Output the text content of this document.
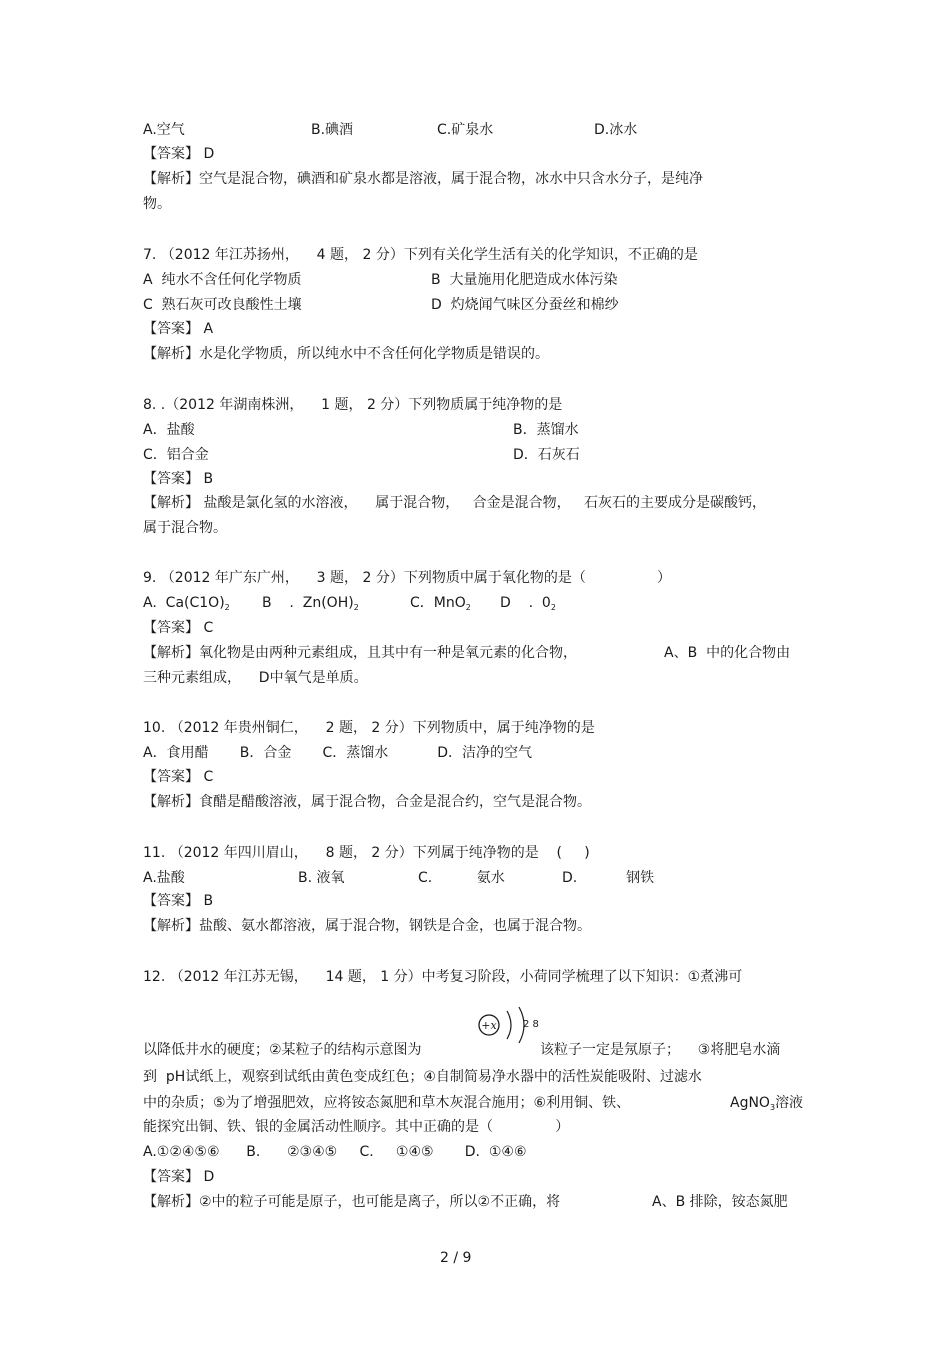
A.空气	B.碘酒	C.矿泉水	D.冰水
【答案】 D
【解析】空气是混合物，碘酒和矿泉水都是溶液，属于混合物，冰水中只含水分子，是纯净
物。
7. （2012 年江苏扬州，    4 题， 2 分）下列有关化学生活有关的化学知识，不正确的是
A  纯水不含任何化学物质	B  大量施用化肥造成水体污染
C  熟石灰可改良酸性土壤	D  灼烧闻气味区分蚕丝和棉纱
【答案】 A
【解析】水是化学物质，所以纯水中不含任何化学物质是错误的。
8. .（2012 年湖南株洲，    1 题， 2 分）下列物质属于纯净物的是
A．盐酸	B．蒸馏水
C．铝合金	D．石灰石
【答案】 B
【解析】 盐酸是氯化氢的水溶液，    属于混合物，   合金是混合物，   石灰石的主要成分是碳酸钙，
属于混合物。
9. （2012 年广东广州，    3 题， 2 分）下列物质中属于氧化物的是（                ）
A.  $Ca(C1O)_2$ B    .  $Zn(OH)_2$	C．MnO$_2$ D    .  $0_2$
【答案】 C
【解析】氧化物是由两种元素组成，且其中有一种是氧元素的化合物，	A、B  中的化合物由
三种元素组成，    D中氧气是单质。
10. （2012 年贵州铜仁，    2 题， 2 分）下列物质中，属于纯净物的是
A．食用醋       B．合金       C．蒸馏水           D．洁净的空气
【答案】 C
【解析】食醋是醋酸溶液，属于混合物，合金是混合约，空气是混合物。
11. （2012 年四川眉山，    8 题， 2 分）下列属于纯净物的是    (     )
A.盐酸	B. 液氧	C.          氨水	D.           钢铁
【答案】 B
【解析】盐酸、氨水都溶液，属于混合物，钢铁是合金，也属于混合物。
12. （2012 年江苏无锡，    14 题， 1 分）中考复习阶段，小荷同学梳理了以下知识：①煮沸可
+x	2 8
以降低井水的硬度；②某粒子的结构示意图为	该粒子一定是氖原子；    ③将肥皂水滴
到  pH试纸上，观察到试纸由黄色变成红色；④自制简易净水器中的活性炭能吸附、过滤水
中的杂质；⑤为了增强肥效，应将铵态氮肥和草木灰混合施用；⑥利用铜、铁、	AgNO$_3$溶液
能探究出铜、铁、银的金属活动性顺序。其中正确的是（              ）
A.①②④⑤⑥      B.      ②③④⑤     C.     ①④⑤       D.  ①④⑥
【答案】 D
【解析】②中的粒子可能是原子，也可能是离子，所以②不正确，将	A、B 排除，铵态氮肥
2 / 9
